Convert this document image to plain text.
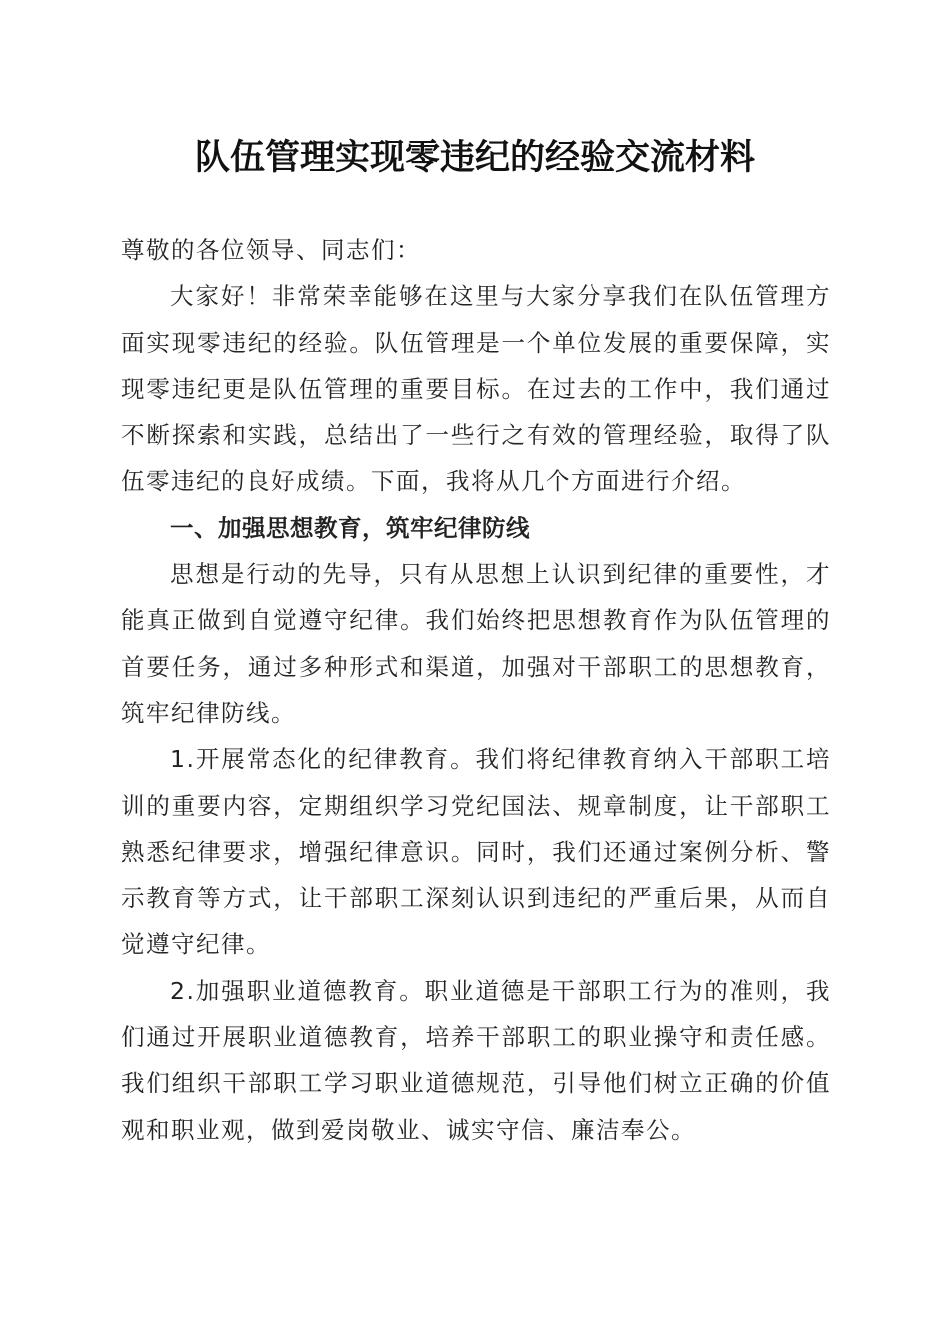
队伍管理实现零违纪的经验交流材料

尊敬的各位领导、同志们：

大家好！非常荣幸能够在这里与大家分享我们在队伍管理方面实现零违纪的经验。队伍管理是一个单位发展的重要保障，实现零违纪更是队伍管理的重要目标。在过去的工作中，我们通过不断探索和实践，总结出了一些行之有效的管理经验，取得了队伍零违纪的良好成绩。下面，我将从几个方面进行介绍。

一、加强思想教育，筑牢纪律防线

思想是行动的先导，只有从思想上认识到纪律的重要性，才能真正做到自觉遵守纪律。我们始终把思想教育作为队伍管理的首要任务，通过多种形式和渠道，加强对干部职工的思想教育，筑牢纪律防线。

1.开展常态化的纪律教育。我们将纪律教育纳入干部职工培训的重要内容，定期组织学习党纪国法、规章制度，让干部职工熟悉纪律要求，增强纪律意识。同时，我们还通过案例分析、警示教育等方式，让干部职工深刻认识到违纪的严重后果，从而自觉遵守纪律。

2.加强职业道德教育。职业道德是干部职工行为的准则，我们通过开展职业道德教育，培养干部职工的职业操守和责任感。我们组织干部职工学习职业道德规范，引导他们树立正确的价值观和职业观，做到爱岗敬业、诚实守信、廉洁奉公。
